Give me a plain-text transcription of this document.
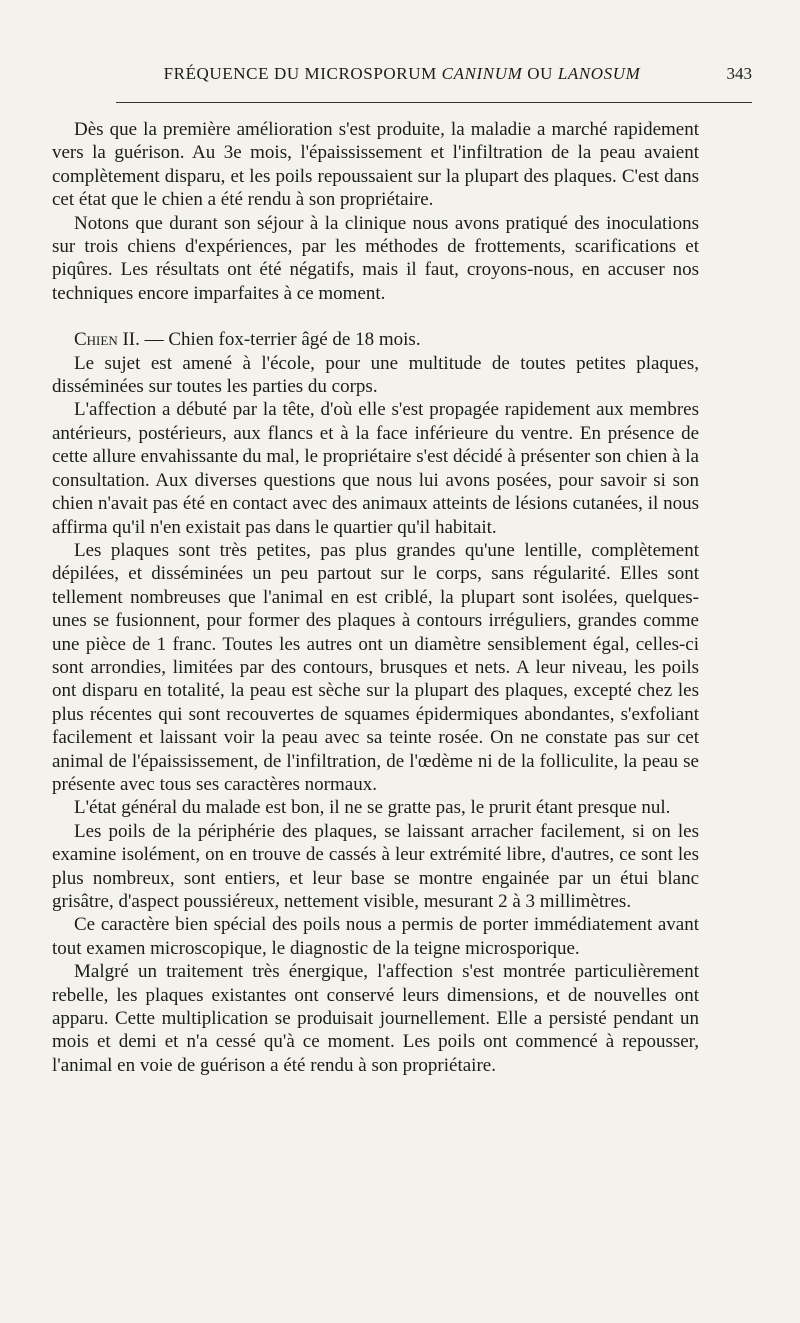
FRÉQUENCE DU MICROSPORUM CANINUM OU LANOSUM	343

Dès que la première amélioration s'est produite, la maladie a marché rapidement vers la guérison. Au 3e mois, l'épaississement et l'infiltration de la peau avaient complètement disparu, et les poils repoussaient sur la plupart des plaques. C'est dans cet état que le chien a été rendu à son propriétaire.

Notons que durant son séjour à la clinique nous avons pratiqué des inoculations sur trois chiens d'expériences, par les méthodes de frottements, scarifications et piqûres. Les résultats ont été négatifs, mais il faut, croyons-nous, en accuser nos techniques encore imparfaites à ce moment.

Chien II. — Chien fox-terrier âgé de 18 mois.

Le sujet est amené à l'école, pour une multitude de toutes petites plaques, disséminées sur toutes les parties du corps.

L'affection a débuté par la tête, d'où elle s'est propagée rapidement aux membres antérieurs, postérieurs, aux flancs et à la face inférieure du ventre. En présence de cette allure envahissante du mal, le propriétaire s'est décidé à présenter son chien à la consultation. Aux diverses questions que nous lui avons posées, pour savoir si son chien n'avait pas été en contact avec des animaux atteints de lésions cutanées, il nous affirma qu'il n'en existait pas dans le quartier qu'il habitait.

Les plaques sont très petites, pas plus grandes qu'une lentille, complètement dépilées, et disséminées un peu partout sur le corps, sans régularité. Elles sont tellement nombreuses que l'animal en est criblé, la plupart sont isolées, quelques-unes se fusionnent, pour former des plaques à contours irréguliers, grandes comme une pièce de 1 franc. Toutes les autres ont un diamètre sensiblement égal, celles-ci sont arrondies, limitées par des contours, brusques et nets. A leur niveau, les poils ont disparu en totalité, la peau est sèche sur la plupart des plaques, excepté chez les plus récentes qui sont recouvertes de squames épidermiques abondantes, s'exfoliant facilement et laissant voir la peau avec sa teinte rosée. On ne constate pas sur cet animal de l'épaississement, de l'infiltration, de l'œdème ni de la folliculite, la peau se présente avec tous ses caractères normaux.

L'état général du malade est bon, il ne se gratte pas, le prurit étant presque nul.

Les poils de la périphérie des plaques, se laissant arracher facilement, si on les examine isolément, on en trouve de cassés à leur extrémité libre, d'autres, ce sont les plus nombreux, sont entiers, et leur base se montre engainée par un étui blanc grisâtre, d'aspect poussiéreux, nettement visible, mesurant 2 à 3 millimètres.

Ce caractère bien spécial des poils nous a permis de porter immédiatement avant tout examen microscopique, le diagnostic de la teigne microsporique.

Malgré un traitement très énergique, l'affection s'est montrée particulièrement rebelle, les plaques existantes ont conservé leurs dimensions, et de nouvelles ont apparu. Cette multiplication se produisait journellement. Elle a persisté pendant un mois et demi et n'a cessé qu'à ce moment. Les poils ont commencé à repousser, l'animal en voie de guérison a été rendu à son propriétaire.
